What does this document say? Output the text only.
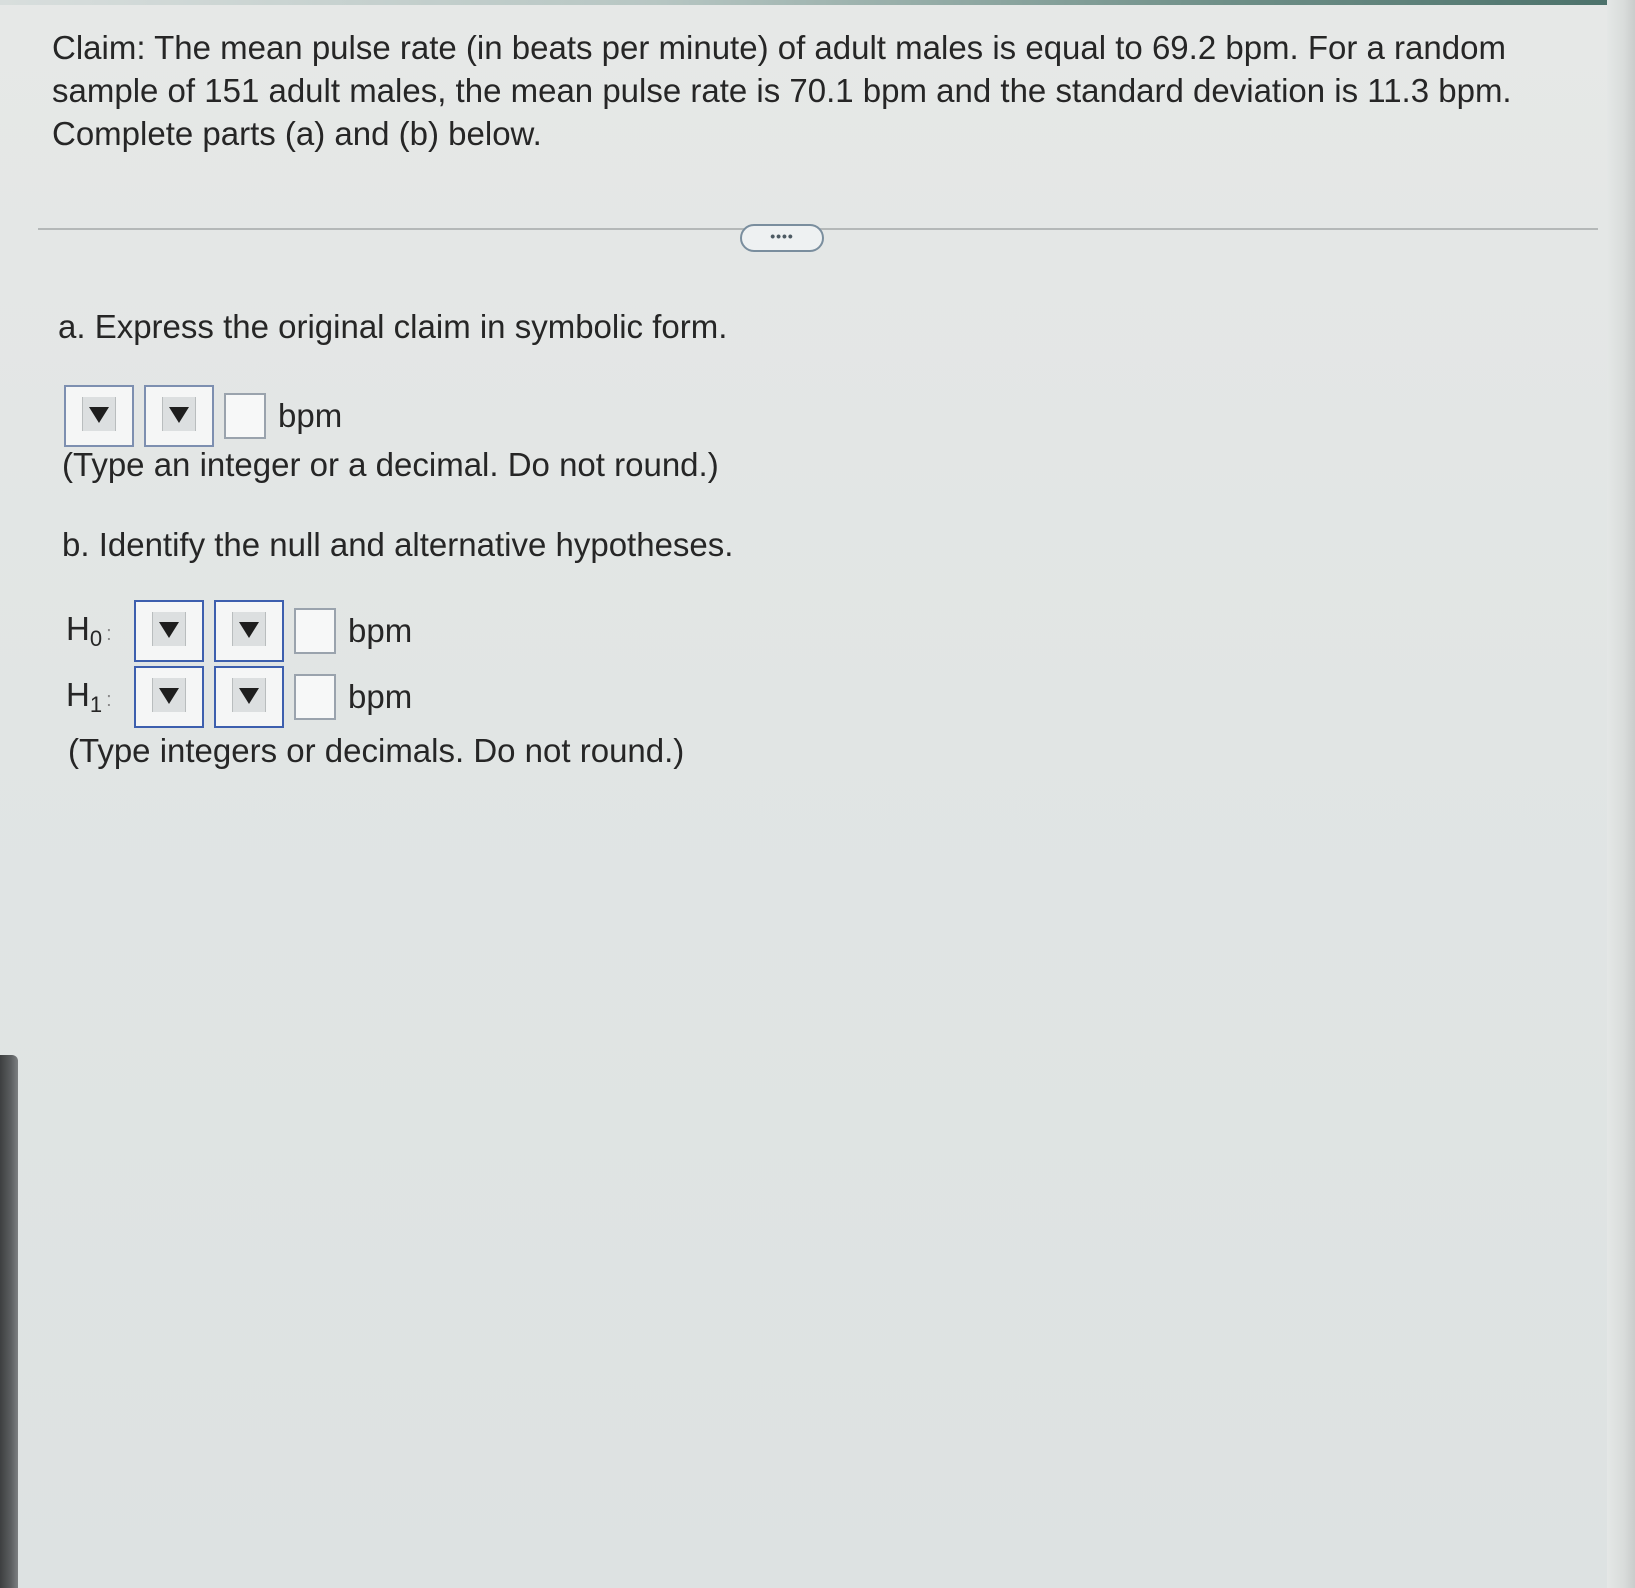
Claim: The mean pulse rate (in beats per minute) of adult males is equal to 69.2 bpm. For a random sample of 151 adult males, the mean pulse rate is 70.1 bpm and the standard deviation is 11.3 bpm. Complete parts (a) and (b) below.
••••
a. Express the original claim in symbolic form.
bpm
(Type an integer or a decimal. Do not round.)
b. Identify the null and alternative hypotheses.
$H_0$ :	bpm
$H_1$ :	bpm
(Type integers or decimals. Do not round.)
